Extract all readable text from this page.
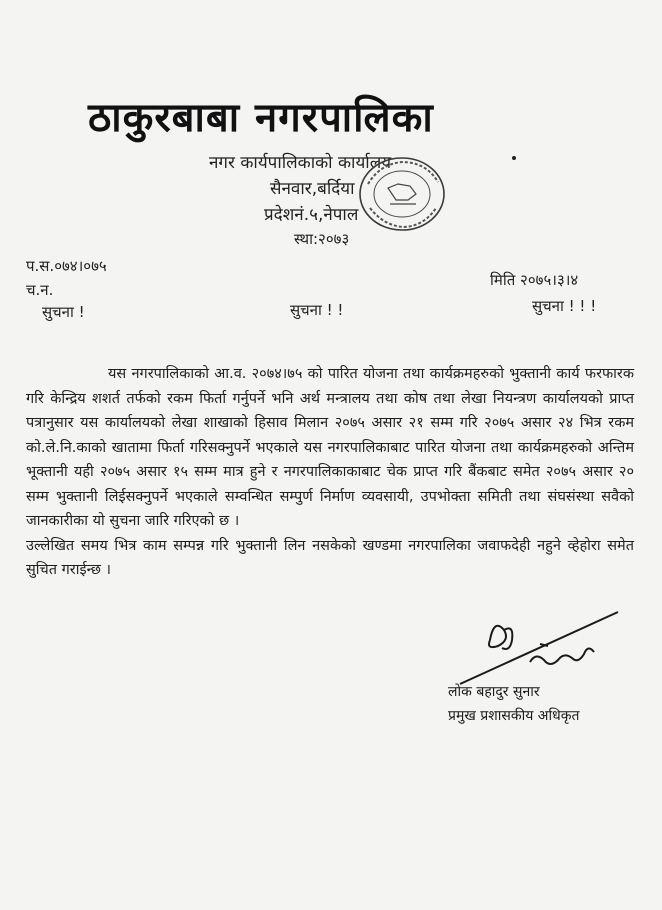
ठाकुरबाबा नगरपालिका
नगर कार्यपालिकाको कार्यालय
सैनवार,बर्दिया
प्रदेशनं.५,नेपाल
स्था:२०७३
प.स.०७४।०७५
च.न.
मिति २०७५।३।४
सुचना !	सुचना ! !	सुचना ! ! !

यस नगरपालिकाको आ.व. २०७४।७५ को पारित योजना तथा कार्यक्रमहरुको भुक्तानी कार्य फरफारक गरि केन्द्रिय शशर्त तर्फको रकम फिर्ता गर्नुपर्ने भनि अर्थ मन्त्रालय तथा कोष तथा लेखा नियन्त्रण कार्यालयको प्राप्त पत्रानुसार यस कार्यालयको लेखा शाखाको हिसाव मिलान २०७५ असार २१ सम्म गरि २०७५ असार २४ भित्र रकम को.ले.नि.काको खातामा फिर्ता गरिसक्नुपर्ने भएकाले यस नगरपालिकाबाट पारित योजना तथा कार्यक्रमहरुको अन्तिम भूक्तानी यही २०७५ असार १५ सम्म मात्र हुने र नगरपालिकाकाबाट चेक प्राप्त गरि बैंकबाट समेत २०७५ असार २० सम्म भुक्तानी लिईसक्नुपर्ने भएकाले सम्वन्धित सम्पुर्ण निर्माण व्यवसायी, उपभोक्ता समिती तथा संघसंस्था सवैको जानकारीका यो सुचना जारि गरिएको छ ।

उल्लेखित समय भित्र काम सम्पन्न गरि भुक्तानी लिन नसकेको खण्डमा नगरपालिका जवाफदेही नहुने व्हेहोरा समेत सुचित गराईन्छ ।

लोक बहादुर सुनार
प्रमुख प्रशासकीय अधिकृत
